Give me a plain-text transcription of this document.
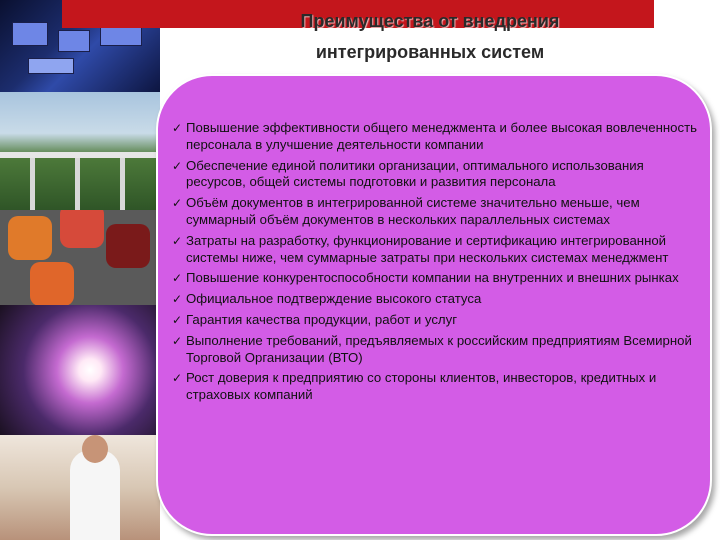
Преимущества от внедрения
интегрированных систем
✓ Повышение эффективности общего менеджмента и более высокая вовлеченность персонала в улучшение деятельности компании
✓ Обеспечение единой политики организации, оптимального использования ресурсов, общей системы подготовки и развития персонала
✓ Объём документов в интегрированной системе значительно меньше, чем суммарный объём документов в нескольких параллельных системах
✓ Затраты на разработку, функционирование и сертификацию интегрированной системы ниже, чем суммарные затраты при нескольких системах менеджмент
✓ Повышение конкурентоспособности компании на внутренних и внешних рынках
✓ Официальное подтверждение высокого статуса
✓ Гарантия качества продукции, работ и услуг
✓ Выполнение требований, предъявляемых к российским предприятиям Всемирной Торговой Организации (ВТО)
✓ Рост доверия к предприятию со стороны клиентов, инвесторов, кредитных и страховых компаний
